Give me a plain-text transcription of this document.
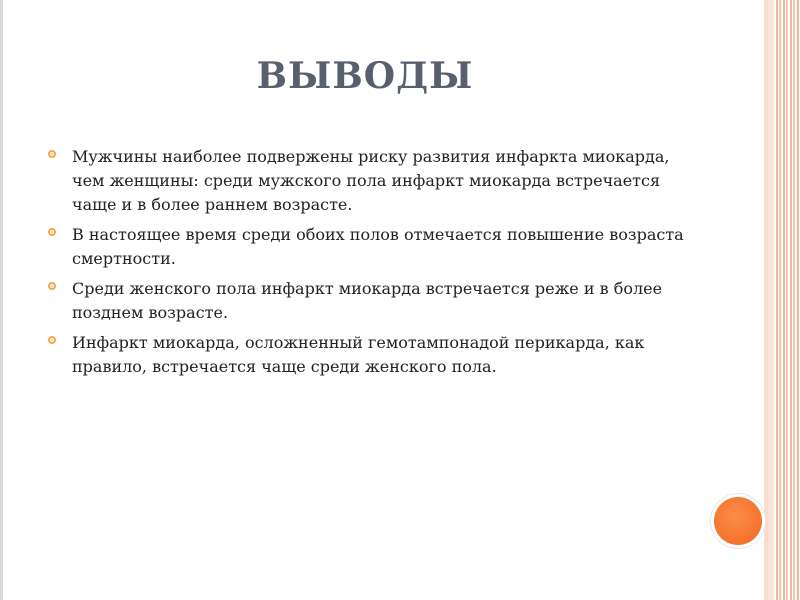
ВЫВОДЫ
Мужчины наиболее подвержены риску развития инфаркта миокарда, чем женщины: среди мужского пола инфаркт миокарда встречается чаще и в более раннем возрасте.
В настоящее время среди обоих полов отмечается повышение возраста смертности.
Среди женского пола инфаркт миокарда встречается реже и в более позднем возрасте.
Инфаркт миокарда, осложненный гемотампонадой перикарда, как правило, встречается чаще среди женского пола.
